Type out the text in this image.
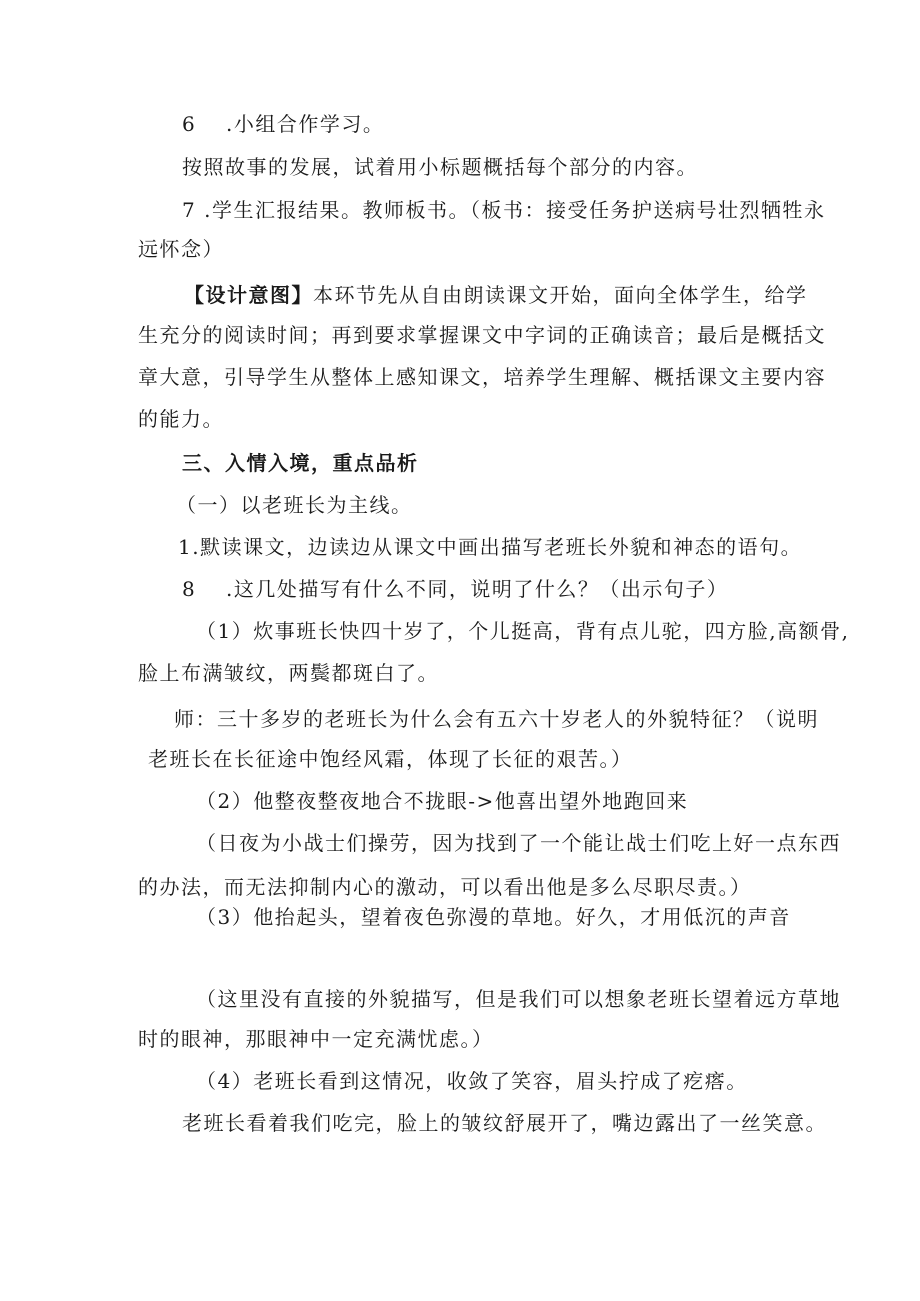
6 .小组合作学习。
按照故事的发展，试着用小标题概括每个部分的内容。
7 .学生汇报结果。教师板书。（板书：接受任务护送病号壮烈牺牲永
远怀念）
【设计意图】本环节先从自由朗读课文开始，面向全体学生，给学
生充分的阅读时间；再到要求掌握课文中字词的正确读音；最后是概括文
章大意，引导学生从整体上感知课文，培养学生理解、概括课文主要内容
的能力。
三、入情入境，重点品析
（一）以老班长为主线。
1.默读课文，边读边从课文中画出描写老班长外貌和神态的语句。
8 .这几处描写有什么不同，说明了什么？（出示句子）
（1）炊事班长快四十岁了，个儿挺高，背有点儿驼，四方脸,高额骨,
脸上布满皱纹，两鬓都斑白了。
师：三十多岁的老班长为什么会有五六十岁老人的外貌特征？（说明
老班长在长征途中饱经风霜，体现了长征的艰苦。）
（2）他整夜整夜地合不拢眼->他喜出望外地跑回来
（日夜为小战士们操劳，因为找到了一个能让战士们吃上好一点东西
的办法，而无法抑制内心的激动，可以看出他是多么尽职尽责。）
（3）他抬起头，望着夜色弥漫的草地。好久，才用低沉的声音
（这里没有直接的外貌描写，但是我们可以想象老班长望着远方草地
时的眼神，那眼神中一定充满忧虑。）
（4）老班长看到这情况，收敛了笑容，眉头拧成了疙瘩。
老班长看着我们吃完，脸上的皱纹舒展开了，嘴边露出了一丝笑意。
